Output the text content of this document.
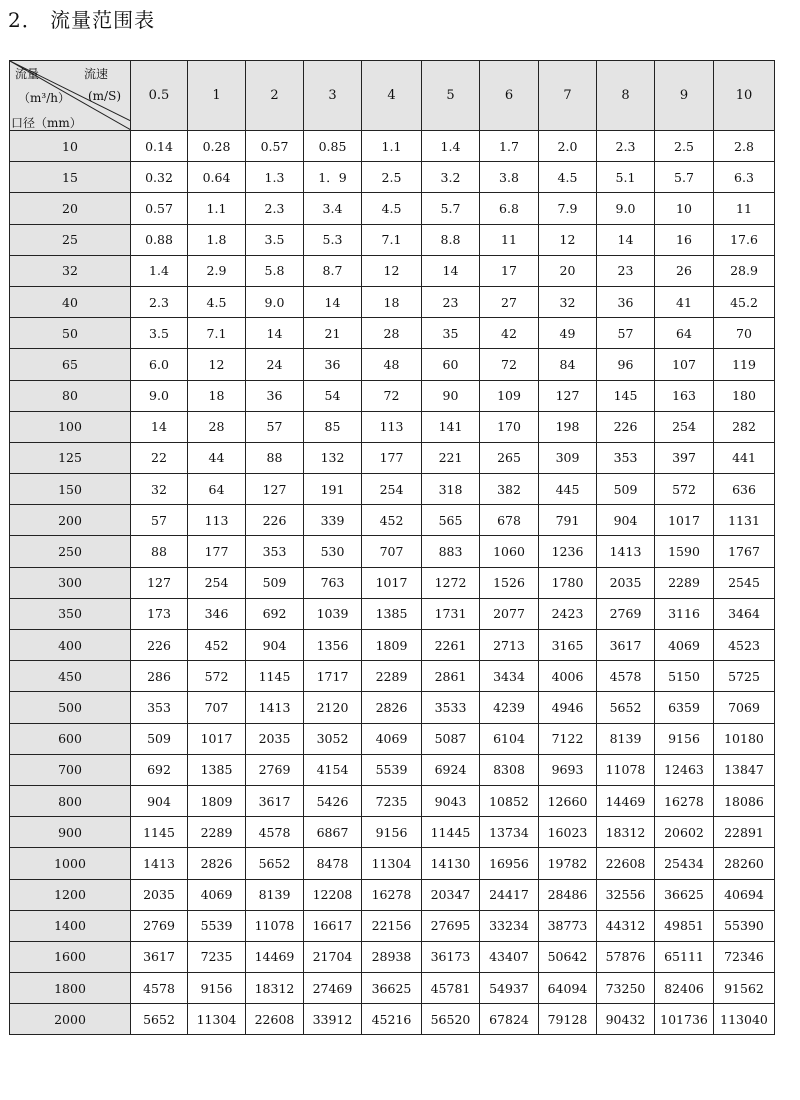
2． 流量范围表
流量 流速
（m³/h） (m/S)
口径（mm）	0.5	1	2	3	4	5	6	7	8	9	10
10	0.14	0.28	0.57	0.85	1.1	1.4	1.7	2.0	2.3	2.5	2.8
15	0.32	0.64	1.3	1．9	2.5	3.2	3.8	4.5	5.1	5.7	6.3
20	0.57	1.1	2.3	3.4	4.5	5.7	6.8	7.9	9.0	10	11
25	0.88	1.8	3.5	5.3	7.1	8.8	11	12	14	16	17.6
32	1.4	2.9	5.8	8.7	12	14	17	20	23	26	28.9
40	2.3	4.5	9.0	14	18	23	27	32	36	41	45.2
50	3.5	7.1	14	21	28	35	42	49	57	64	70
65	6.0	12	24	36	48	60	72	84	96	107	119
80	9.0	18	36	54	72	90	109	127	145	163	180
100	14	28	57	85	113	141	170	198	226	254	282
125	22	44	88	132	177	221	265	309	353	397	441
150	32	64	127	191	254	318	382	445	509	572	636
200	57	113	226	339	452	565	678	791	904	1017	1131
250	88	177	353	530	707	883	1060	1236	1413	1590	1767
300	127	254	509	763	1017	1272	1526	1780	2035	2289	2545
350	173	346	692	1039	1385	1731	2077	2423	2769	3116	3464
400	226	452	904	1356	1809	2261	2713	3165	3617	4069	4523
450	286	572	1145	1717	2289	2861	3434	4006	4578	5150	5725
500	353	707	1413	2120	2826	3533	4239	4946	5652	6359	7069
600	509	1017	2035	3052	4069	5087	6104	7122	8139	9156	10180
700	692	1385	2769	4154	5539	6924	8308	9693	11078	12463	13847
800	904	1809	3617	5426	7235	9043	10852	12660	14469	16278	18086
900	1145	2289	4578	6867	9156	11445	13734	16023	18312	20602	22891
1000	1413	2826	5652	8478	11304	14130	16956	19782	22608	25434	28260
1200	2035	4069	8139	12208	16278	20347	24417	28486	32556	36625	40694
1400	2769	5539	11078	16617	22156	27695	33234	38773	44312	49851	55390
1600	3617	7235	14469	21704	28938	36173	43407	50642	57876	65111	72346
1800	4578	9156	18312	27469	36625	45781	54937	64094	73250	82406	91562
2000	5652	11304	22608	33912	45216	56520	67824	79128	90432	101736	113040
